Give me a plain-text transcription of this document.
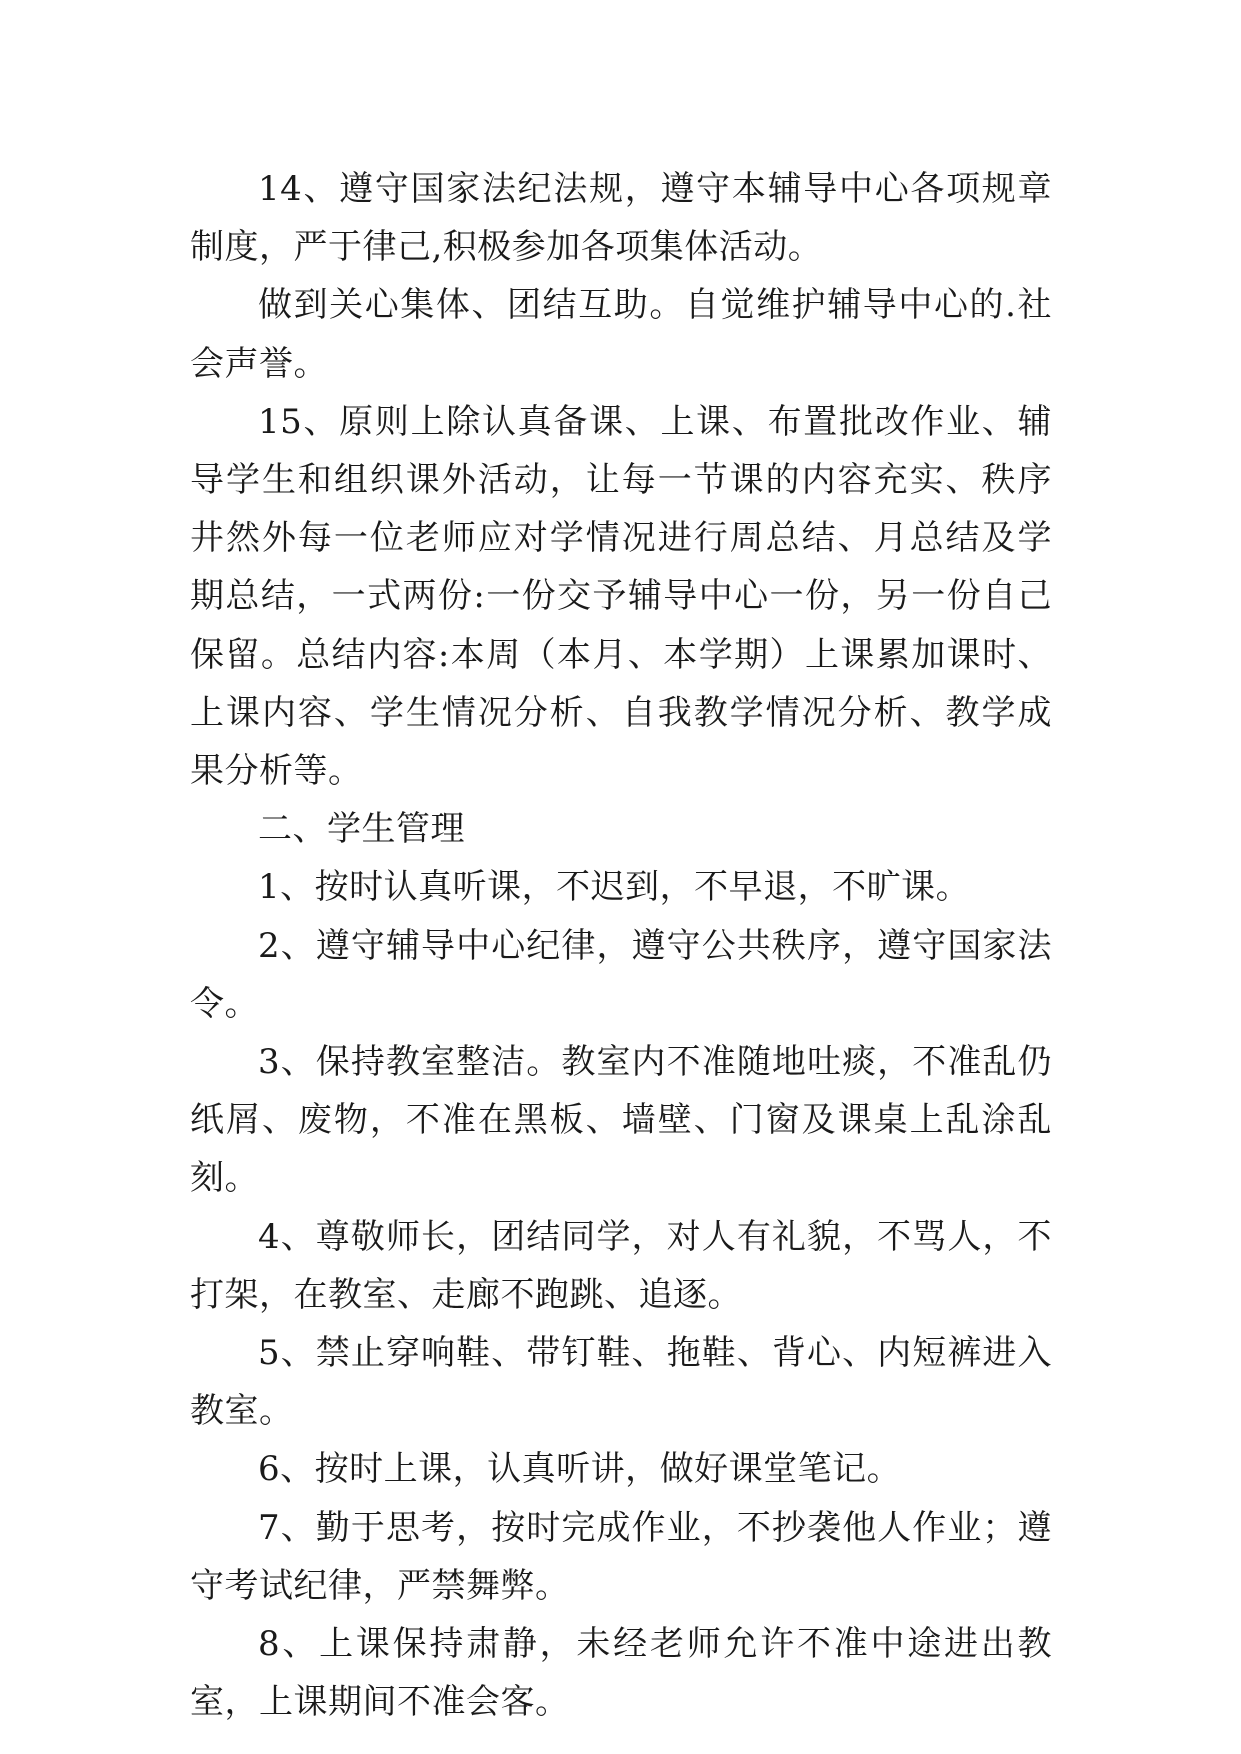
14、遵守国家法纪法规，遵守本辅导中心各项规章制度，严于律己,积极参加各项集体活动。

做到关心集体、团结互助。自觉维护辅导中心的.社会声誉。

15、原则上除认真备课、上课、布置批改作业、辅导学生和组织课外活动，让每一节课的内容充实、秩序井然外每一位老师应对学情况进行周总结、月总结及学期总结，一式两份:一份交予辅导中心一份，另一份自己保留。总结内容:本周（本月、本学期）上课累加课时、上课内容、学生情况分析、自我教学情况分析、教学成果分析等。

二、学生管理

1、按时认真听课，不迟到，不早退，不旷课。

2、遵守辅导中心纪律，遵守公共秩序，遵守国家法令。

3、保持教室整洁。教室内不准随地吐痰，不准乱仍纸屑、废物，不准在黑板、墙壁、门窗及课桌上乱涂乱刻。

4、尊敬师长，团结同学，对人有礼貌，不骂人，不打架，在教室、走廊不跑跳、追逐。

5、禁止穿响鞋、带钉鞋、拖鞋、背心、内短裤进入教室。

6、按时上课，认真听讲，做好课堂笔记。

7、勤于思考，按时完成作业，不抄袭他人作业；遵守考试纪律，严禁舞弊。

8、上课保持肃静，未经老师允许不准中途进出教室，上课期间不准会客。
